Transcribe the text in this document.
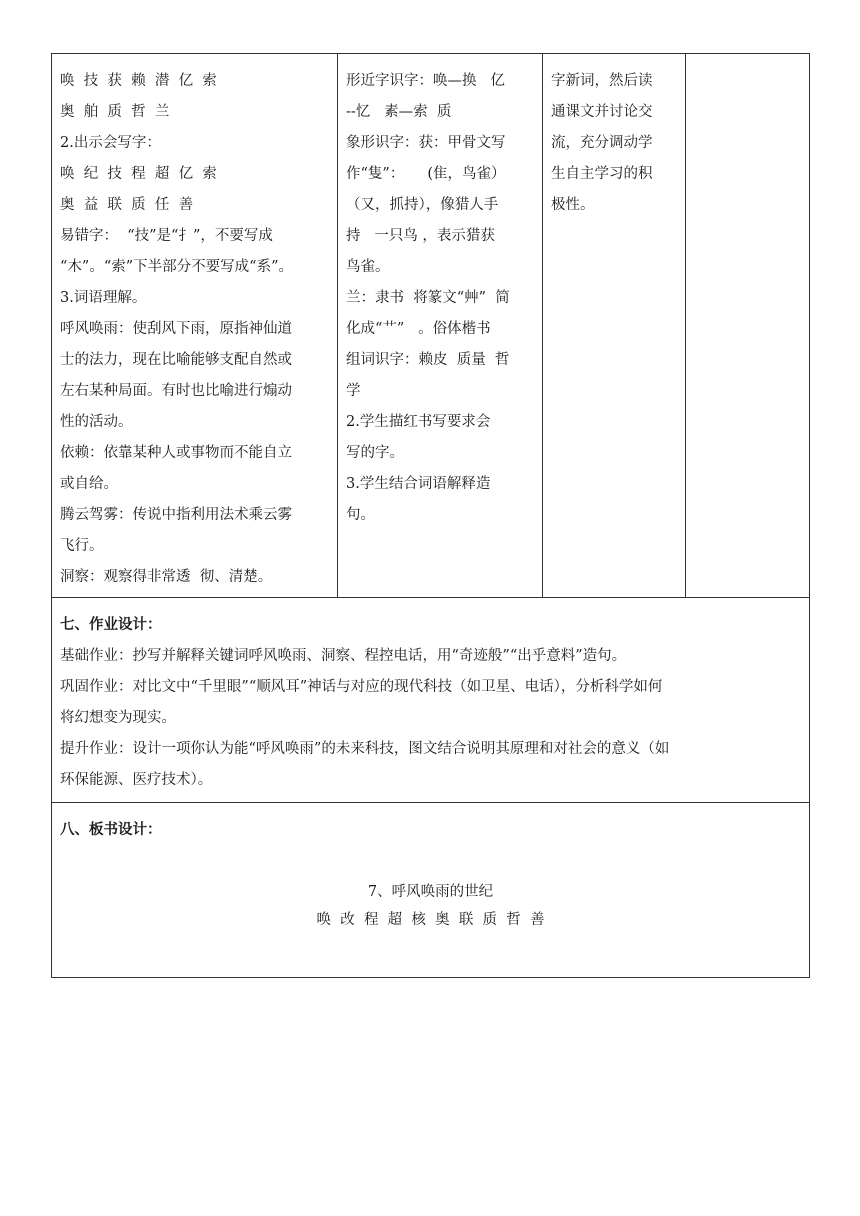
唤  技  获  赖  潜  亿  索
奥  舶  质  哲  兰
2.出示会写字：
唤  纪  技  程  超  亿  索
奥  益  联  质  任  善
易错字：  “技”是“扌”，不要写成
“木”。“索”下半部分不要写成“系”。
3.词语理解。
呼风唤雨：使刮风下雨，原指神仙道
士的法力，现在比喻能够支配自然或
左右某种局面。有时也比喻进行煽动
性的活动。
依赖：依靠某种人或事物而不能自立
或自给。
腾云驾雾：传说中指利用法术乘云雾
飞行。
洞察：观察得非常透  彻、清楚。

形近字识字：唤—换   亿
--忆   素—索  质
象形识字：获：甲骨文写
作“隻”：     (隹，鸟雀）
（又，抓持），像猎人手
持   一只鸟 ，表示猎获
鸟雀。
兰：隶书  将篆文“艸”  简
化成“艹”   。俗体楷书
组词识字：赖皮  质量  哲
学
2.学生描红书写要求会
写的字。
3.学生结合词语解释造
句。

字新词，然后读
通课文并讨论交
流，充分调动学
生自主学习的积
极性。

七、作业设计：
基础作业：抄写并解释关键词呼风唤雨、洞察、程控电话，用“奇迹般”“出乎意料”造句。
巩固作业：对比文中“千里眼”“顺风耳”神话与对应的现代科技（如卫星、电话），分析科学如何
将幻想变为现实。
提升作业：设计一项你认为能“呼风唤雨”的未来科技，图文结合说明其原理和对社会的意义（如
环保能源、医疗技术）。

八、板书设计：
7、呼风唤雨的世纪
唤  改  程  超  核  奥  联  质  哲  善
